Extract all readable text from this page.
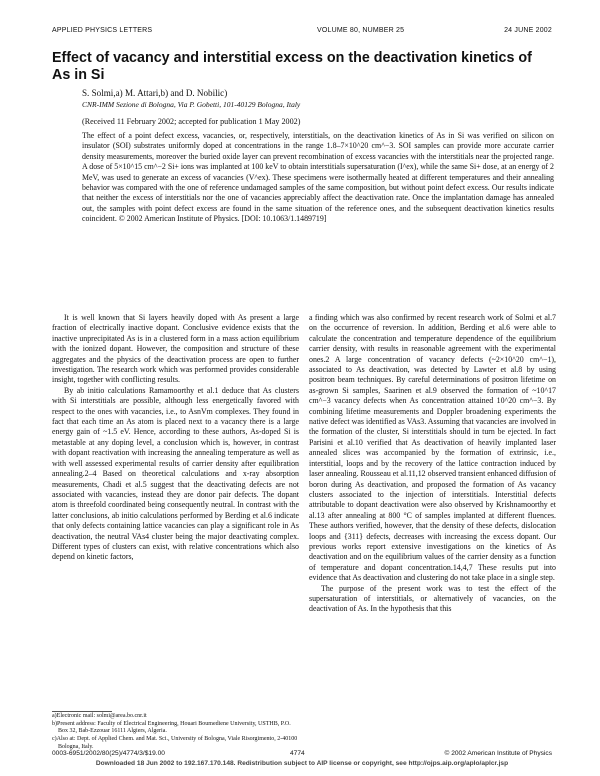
APPLIED PHYSICS LETTERS	VOLUME 80, NUMBER 25	24 JUNE 2002
Effect of vacancy and interstitial excess on the deactivation kinetics of As in Si
S. Solmi,a) M. Attari,b) and D. Nobilic)
CNR-IMM Sezione di Bologna, Via P. Gobetti, 101-40129 Bologna, Italy
(Received 11 February 2002; accepted for publication 1 May 2002)

The effect of a point defect excess, vacancies, or, respectively, interstitials, on the deactivation kinetics of As in Si was verified on silicon on insulator (SOI) substrates uniformly doped at concentrations in the range 1.8–7×10^20 cm^−3. SOI samples can provide more accurate carrier density measurements, moreover the buried oxide layer can prevent recombination of excess vacancies with the interstitials near the projected range. A dose of 5×10^15 cm^−2 Si+ ions was implanted at 100 keV to obtain interstitials supersaturation (I^ex), while the same Si+ dose, at an energy of 2 MeV, was used to generate an excess of vacancies (V^ex). These specimens were isothermally heated at different temperatures and their annealing behavior was compared with the one of reference undamaged samples of the same composition, but without point defect excess. Our results indicate that neither the excess of interstitials nor the one of vacancies appreciably affect the deactivation rate. Once the implantation damage has annealed out, the samples with point defect excess are found in the same situation of the reference ones, and the subsequent deactivation kinetics results coincident. © 2002 American Institute of Physics. [DOI: 10.1063/1.1489719]

It is well known that Si layers heavily doped with As present a large fraction of electrically inactive dopant. Conclusive evidence exists that the inactive unprecipitated As is in a clustered form in a mass action equilibrium with the ionized dopant. However, the composition and structure of these aggregates and the physics of the deactivation process are open to further investigation. The research work which was performed provides considerable insight, together with conflicting results.

By ab initio calculations Ramamoorthy et al.1 deduce that As clusters with Si interstitials are possible, although less energetically favored with respect to the ones with vacancies, i.e., to AsnVm complexes. They found in fact that each time an As atom is placed next to a vacancy there is a large energy gain of ~1.5 eV. Hence, according to these authors, As-doped Si is metastable at any doping level, a conclusion which is, however, in contrast with dopant reactivation with increasing the annealing temperature as well as with well assessed experimental results of carrier density after equilibration annealing.2–4 Based on theoretical calculations and x-ray absorption measurements, Chadi et al.5 suggest that the deactivating defects are not associated with vacancies, instead they are donor pair defects. The dopant atom is threefold coordinated being consequently neutral. In contrast with the latter conclusions, ab initio calculations performed by Berding et al.6 indicate that only defects containing lattice vacancies can play a significant role in As deactivation, the neutral VAs4 cluster being the major deactivating complex. Different types of clusters can exist, with relative concentrations which also depend on kinetic factors,

a finding which was also confirmed by recent research work of Solmi et al.7 on the occurrence of reversion. In addition, Berding et al.6 were able to calculate the concentration and temperature dependence of the equilibrium carrier density, with results in reasonable agreement with the experimental ones.2 A large concentration of vacancy defects (~2×10^20 cm^−1), associated to As deactivation, was detected by Lawter et al.8 by using positron beam techniques. By careful determinations of positron lifetime on as-grown Si samples, Saarinen et al.9 observed the formation of ~10^17 cm^−3 vacancy defects when As concentration attained 10^20 cm^−3. By combining lifetime measurements and Doppler broadening experiments the native defect was identified as VAs3. Assuming that vacancies are involved in the formation of the cluster, Si interstitials should in turn be ejected. In fact Parisini et al.10 verified that As deactivation of heavily implanted laser annealed slices was accompanied by the formation of extrinsic, i.e., interstitial, loops and by the recovery of the lattice contraction induced by laser annealing. Rousseau et al.11,12 observed transient enhanced diffusion of boron during As deactivation, and proposed the formation of As vacancy clusters associated to the injection of interstitials. Interstitial defects attributable to dopant deactivation were also observed by Krishnamoorthy et al.13 after annealing at 800 °C of samples implanted at different fluences. These authors verified, however, that the density of these defects, dislocation loops and {311} defects, decreases with increasing the excess dopant. Our previous works report extensive investigations on the kinetics of As deactivation and on the equilibrium values of the carrier density as a function of temperature and dopant concentration.14,4,7 These results put into evidence that As deactivation and clustering do not take place in a single step.

The purpose of the present work was to test the effect of the supersaturation of interstitials, or alternatively of vacancies, on the deactivation of As. In the hypothesis that this

a)Electronic mail: solmi@area.bo.cnr.it
b)Present address: Faculty of Electrical Engineering, Houari Boumediene University, USTHB, P.O. Box 32, Bab-Ezzouar 16111 Algiers, Algeria.
c)Also at: Dept. of Applied Chem. and Mat. Sci., University of Bologna, Viale Risorgimento, 2-40100 Bologna, Italy.
0003-6951/2002/80(25)/4774/3/$19.00	4774	© 2002 American Institute of Physics
Downloaded 18 Jun 2002 to 192.167.170.148. Redistribution subject to AIP license or copyright, see http://ojps.aip.org/aplo/aplcr.jsp
